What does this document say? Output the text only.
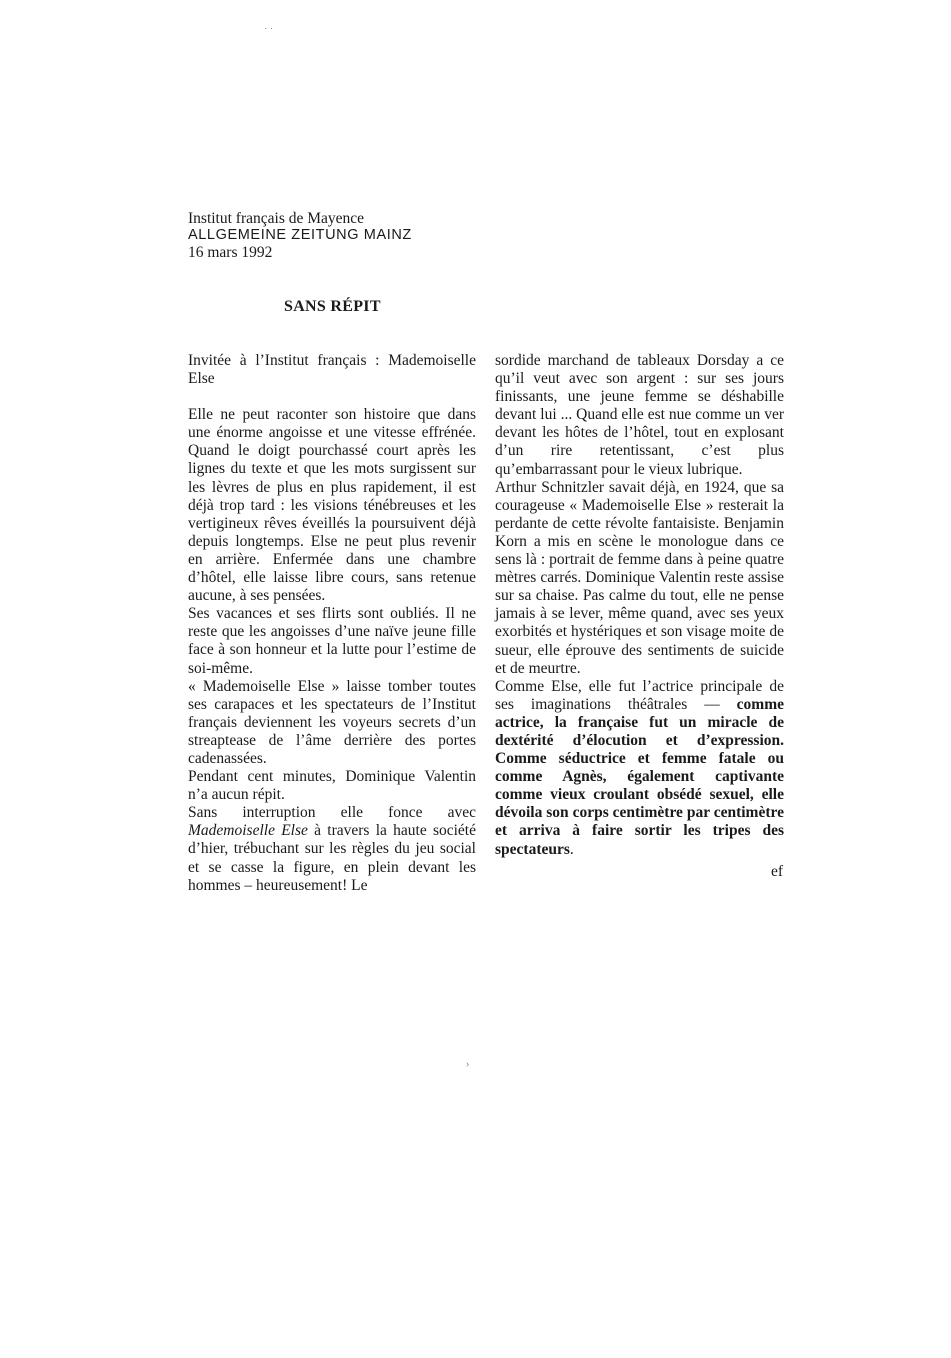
˙ ˙
Institut français de Mayence
ALLGEMEINE ZEITUNG MAINZ
16 mars 1992
SANS RÉPIT

Invitée à l’Institut français : Mademoiselle Else

Elle ne peut raconter son histoire que dans une énorme angoisse et une vitesse effrénée. Quand le doigt pourchassé court après les lignes du texte et que les mots surgissent sur les lèvres de plus en plus rapidement, il est déjà trop tard : les visions ténébreuses et les vertigineux rêves éveillés la poursuivent déjà depuis longtemps. Else ne peut plus revenir en arrière. Enfermée dans une chambre d’hôtel, elle laisse libre cours, sans retenue aucune, à ses pensées.

Ses vacances et ses flirts sont oubliés. Il ne reste que les angoisses d’une naïve jeune fille face à son honneur et la lutte pour l’estime de soi-même.

« Mademoiselle Else » laisse tomber toutes ses carapaces et les spectateurs de l’Institut français deviennent les voyeurs secrets d’un streaptease de l’âme derrière des portes cadenassées.

Pendant cent minutes, Dominique Valentin n’a aucun répit.

Sans interruption elle fonce avec Mademoiselle Else à travers la haute société d’hier, trébuchant sur les règles du jeu social et se casse la figure, en plein devant les hommes – heureusement! Le

sordide marchand de tableaux Dorsday a ce qu’il veut avec son argent : sur ses jours finissants, une jeune femme se déshabille devant lui ... Quand elle est nue comme un ver devant les hôtes de l’hôtel, tout en explosant d’un rire retentissant, c’est plus qu’embarrassant pour le vieux lubrique.

Arthur Schnitzler savait déjà, en 1924, que sa courageuse « Mademoiselle Else » resterait la perdante de cette révolte fantaisiste. Benjamin Korn a mis en scène le monologue dans ce sens là : portrait de femme dans à peine quatre mètres carrés. Dominique Valentin reste assise sur sa chaise. Pas calme du tout, elle ne pense jamais à se lever, même quand, avec ses yeux exorbités et hystériques et son visage moite de sueur, elle éprouve des sentiments de suicide et de meurtre.

Comme Else, elle fut l’actrice principale de ses imaginations théâtrales — comme actrice, la française fut un miracle de dextérité d’élocution et d’expression. Comme séductrice et femme fatale ou comme Agnès, également captivante comme vieux croulant obsédé sexuel, elle dévoila son corps centimètre par centimètre et arriva à faire sortir les tripes des spectateurs.

ef
›
